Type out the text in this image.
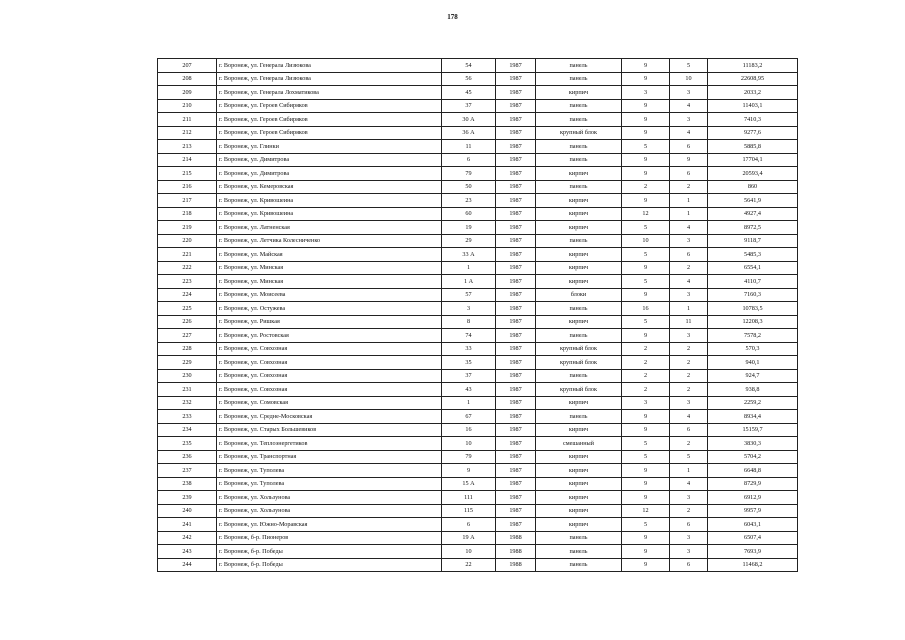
178
207	г. Воронеж, ул. Генерала Лизюкова	54	1987	панель	9	5	11183,2
208	г. Воронеж, ул. Генерала Лизюкова	56	1987	панель	9	10	22608,95
209	г. Воронеж, ул. Генерала Лохматикова	45	1987	кирпич	3	3	2033,2
210	г. Воронеж, ул. Героев Сибиряков	37	1987	панель	9	4	11403,1
211	г. Воронеж, ул. Героев Сибиряков	30 А	1987	панель	9	3	7410,3
212	г. Воронеж, ул. Героев Сибиряков	36 А	1987	крупный блок	9	4	9277,6
213	г. Воронеж, ул. Глинки	11	1987	панель	5	6	5885,8
214	г. Воронеж, ул. Димитрова	6	1987	панель	9	9	17704,1
215	г. Воронеж, ул. Димитрова	79	1987	кирпич	9	6	20593,4
216	г. Воронеж, ул. Кемеровская	50	1987	панель	2	2	860
217	г. Воронеж, ул. Кривошеина	23	1987	кирпич	9	1	5641,9
218	г. Воронеж, ул. Кривошеина	60	1987	кирпич	12	1	4927,4
219	г. Воронеж, ул. Латненская	19	1987	кирпич	5	4	8972,5
220	г. Воронеж, ул. Летчика Колесниченко	29	1987	панель	10	3	9118,7
221	г. Воронеж, ул. Майская	33 А	1987	кирпич	5	6	5485,3
222	г. Воронеж, ул. Минская	1	1987	кирпич	9	2	6554,1
223	г. Воронеж, ул. Минская	1 А	1987	кирпич	5	4	4110,7
224	г. Воронеж, ул. Моисеева	57	1987	блоки	9	3	7160,3
225	г. Воронеж, ул. Остужева	3	1987	панель	16	1	10783,5
226	г. Воронеж, ул. Ришкая	8	1987	кирпич	5	11	12208,3
227	г. Воронеж, ул. Ростовская	74	1987	панель	9	3	7578,2
228	г. Воронеж, ул. Совхозная	33	1987	крупный блок	2	2	570,3
229	г. Воронеж, ул. Совхозная	35	1987	крупный блок	2	2	940,1
230	г. Воронеж, ул. Совхозная	37	1987	панель	2	2	924,7
231	г. Воронеж, ул. Совхозная	43	1987	крупный блок	2	2	938,8
232	г. Воронеж, ул. Сомовская	1	1987	кирпич	3	3	2259,2
233	г. Воронеж, ул. Средне-Московская	67	1987	панель	9	4	8934,4
234	г. Воронеж, ул. Старых Большевиков	16	1987	кирпич	9	6	15159,7
235	г. Воронеж, ул. Теплоэнергетиков	10	1987	смешанный	5	2	3830,3
236	г. Воронеж, ул. Транспортная	79	1987	кирпич	5	5	5704,2
237	г. Воронеж, ул. Туполева	9	1987	кирпич	9	1	6648,8
238	г. Воронеж, ул. Туполева	15 А	1987	кирпич	9	4	8729,9
239	г. Воронеж, ул. Хользунова	111	1987	кирпич	9	3	6912,9
240	г. Воронеж, ул. Хользунова	115	1987	кирпич	12	2	9957,9
241	г. Воронеж, ул. Южно-Моравская	6	1987	кирпич	5	6	6043,1
242	г. Воронеж, б-р. Пионеров	19 А	1988	панель	9	3	6507,4
243	г. Воронеж, б-р. Победы	10	1988	панель	9	3	7693,9
244	г. Воронеж, б-р. Победы	22	1988	панель	9	6	11468,2
